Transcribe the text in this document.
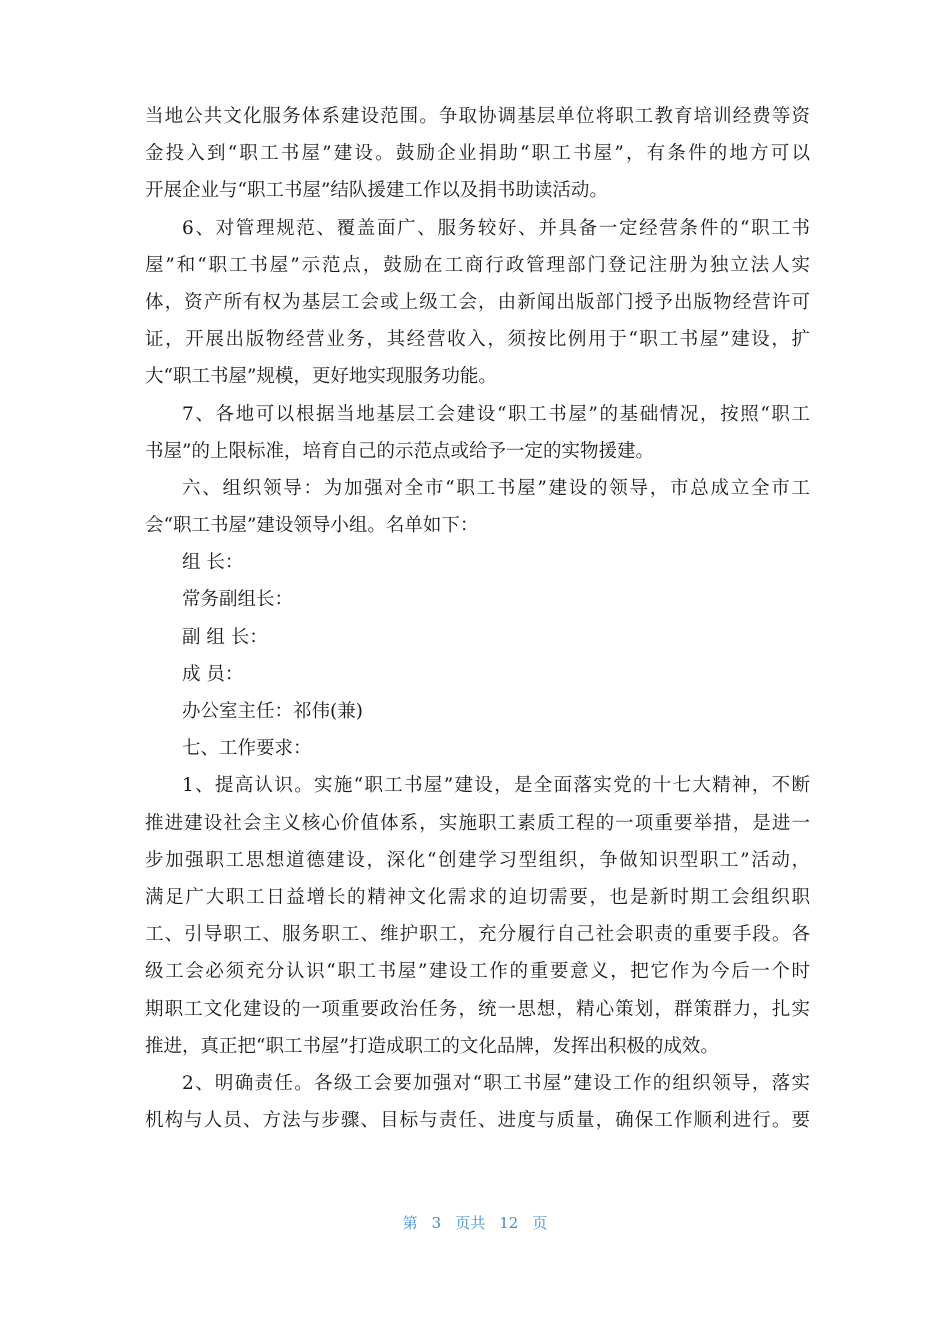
当地公共文化服务体系建设范围。争取协调基层单位将职工教育培训经费等资
金投入到“职工书屋”建设。鼓励企业捐助“职工书屋”，有条件的地方可以
开展企业与“职工书屋”结队援建工作以及捐书助读活动。
6、对管理规范、覆盖面广、服务较好、并具备一定经营条件的“职工书
屋”和“职工书屋”示范点，鼓励在工商行政管理部门登记注册为独立法人实
体，资产所有权为基层工会或上级工会，由新闻出版部门授予出版物经营许可
证，开展出版物经营业务，其经营收入，须按比例用于“职工书屋”建设，扩
大“职工书屋”规模，更好地实现服务功能。
7、各地可以根据当地基层工会建设“职工书屋”的基础情况，按照“职工
书屋”的上限标准，培育自己的示范点或给予一定的实物援建。
六、组织领导：为加强对全市“职工书屋”建设的领导，市总成立全市工
会“职工书屋”建设领导小组。名单如下：
组 长：
常务副组长：
副 组 长：
成 员：
办公室主任：祁伟(兼)
七、工作要求：
1、提高认识。实施“职工书屋”建设，是全面落实党的十七大精神，不断
推进建设社会主义核心价值体系，实施职工素质工程的一项重要举措，是进一
步加强职工思想道德建设，深化“创建学习型组织，争做知识型职工”活动，
满足广大职工日益增长的精神文化需求的迫切需要，也是新时期工会组织职
工、引导职工、服务职工、维护职工，充分履行自己社会职责的重要手段。各
级工会必须充分认识“职工书屋”建设工作的重要意义，把它作为今后一个时
期职工文化建设的一项重要政治任务，统一思想，精心策划，群策群力，扎实
推进，真正把“职工书屋”打造成职工的文化品牌，发挥出积极的成效。
2、明确责任。各级工会要加强对“职工书屋”建设工作的组织领导，落实
机构与人员、方法与步骤、目标与责任、进度与质量，确保工作顺利进行。要
第 3 页共 12 页
